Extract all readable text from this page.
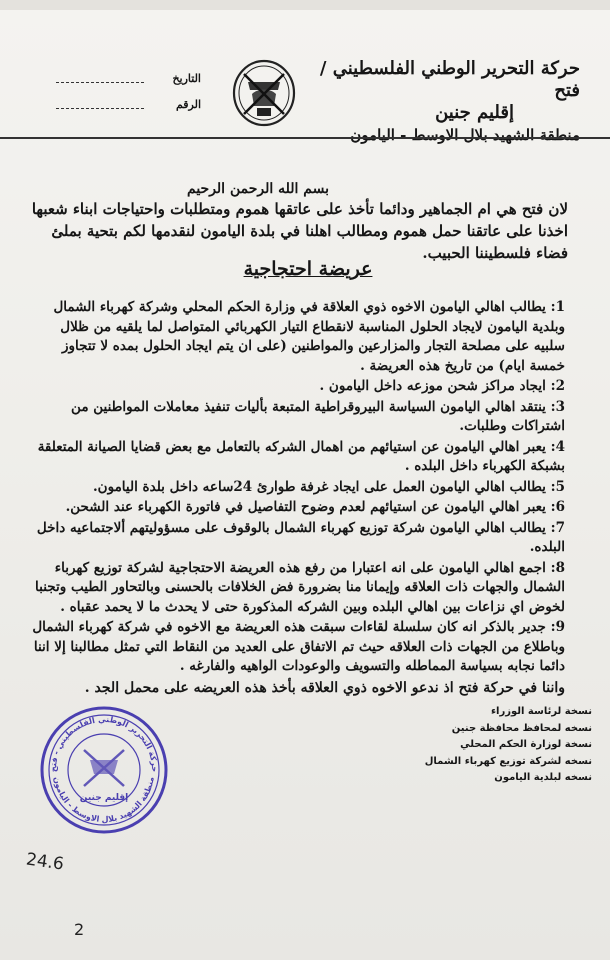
حركة التحرير الوطني الفلسطيني / فتح
إقليم جنين
منطقة الشهيد بلال الاوسط - اليامون
التاريخ
الرقم
بسم الله الرحمن الرحيم
لان فتح هي ام الجماهير ودائما تأخذ على عاتقها هموم ومتطلبات واحتياجات ابناء شعبها اخذنا على عاتقنا حمل هموم ومطالب اهلنا في بلدة اليامون لنقدمها لكم بتحية بملئ فضاء فلسطيننا الحبيب.
عريضة احتجاجية
1: يطالب اهالي اليامون الاخوه ذوي العلاقة في وزارة الحكم المحلي وشركة كهرباء الشمال وبلدية اليامون لايجاد الحلول المناسبة لانقطاع التيار الكهربائي المتواصل لما يلقيه من ظلال سلبيه على مصلحة التجار والمزارعين والمواطنين (على ان يتم ايجاد الحلول بمده لا تتجاوز خمسة ايام) من تاريخ هذه العريضة .
2: ايجاد مراكز شحن موزعه داخل اليامون .
3: ينتقد اهالي اليامون السياسة البيروقراطية المتبعة بأليات تنفيذ معاملات المواطنين من اشتراكات وطلبات.
4: يعبر اهالي اليامون عن استيائهم من اهمال الشركه بالتعامل مع بعض قضايا الصيانة المتعلقة بشبكة الكهرباء داخل البلده .
5: يطالب اهالي اليامون العمل على ايجاد غرفة طوارئ 24ساعه داخل بلدة اليامون.
6: يعبر اهالي اليامون عن استيائهم لعدم وضوح التفاصيل في فاتورة الكهرباء عند الشحن.
7: يطالب اهالي اليامون شركة توزيع كهرباء الشمال بالوقوف على مسؤوليتهم ألاجتماعيه داخل البلده.
8: اجمع اهالي اليامون على انه اعتبارا من رفع هذه العريضة الاحتجاجية لشركة توزيع كهرباء الشمال والجهات ذات العلاقه وإيمانا منا بضرورة فض الخلافات بالحسنى وبالتحاور الطيب وتجنبا لخوض اي نزاعات بين اهالي البلده وبين الشركه المذكورة حتى لا يحدث ما لا يحمد عقباه .
9: جدير بالذكر انه كان سلسلة لقاءات سبقت هذه العريضة مع الاخوه في شركة كهرباء الشمال وباطلاع من الجهات ذات العلاقه حيث تم الاتفاق على العديد من النقاط التي تمثل مطالبنا إلا اننا دائما نجابه بسياسة المماطله والتسويف والوعودات الواهيه والفارغه .
واننا في حركة فتح اذ ندعو الاخوه ذوي العلاقه بأخذ هذه العريضه على محمل الجد .
نسخة لرئاسة الوزراء
نسخه لمحافظ محافظة جنين
نسخة لوزارة الحكم المحلي
نسخه لشركة توزيع كهرباء الشمال
نسخه لبلدية اليامون
حركة التحرير الوطني الفلسطيني - فتح
منطقة الشهيد بلال الاوسط - اليامون
إقليم جنين
24.6
2
